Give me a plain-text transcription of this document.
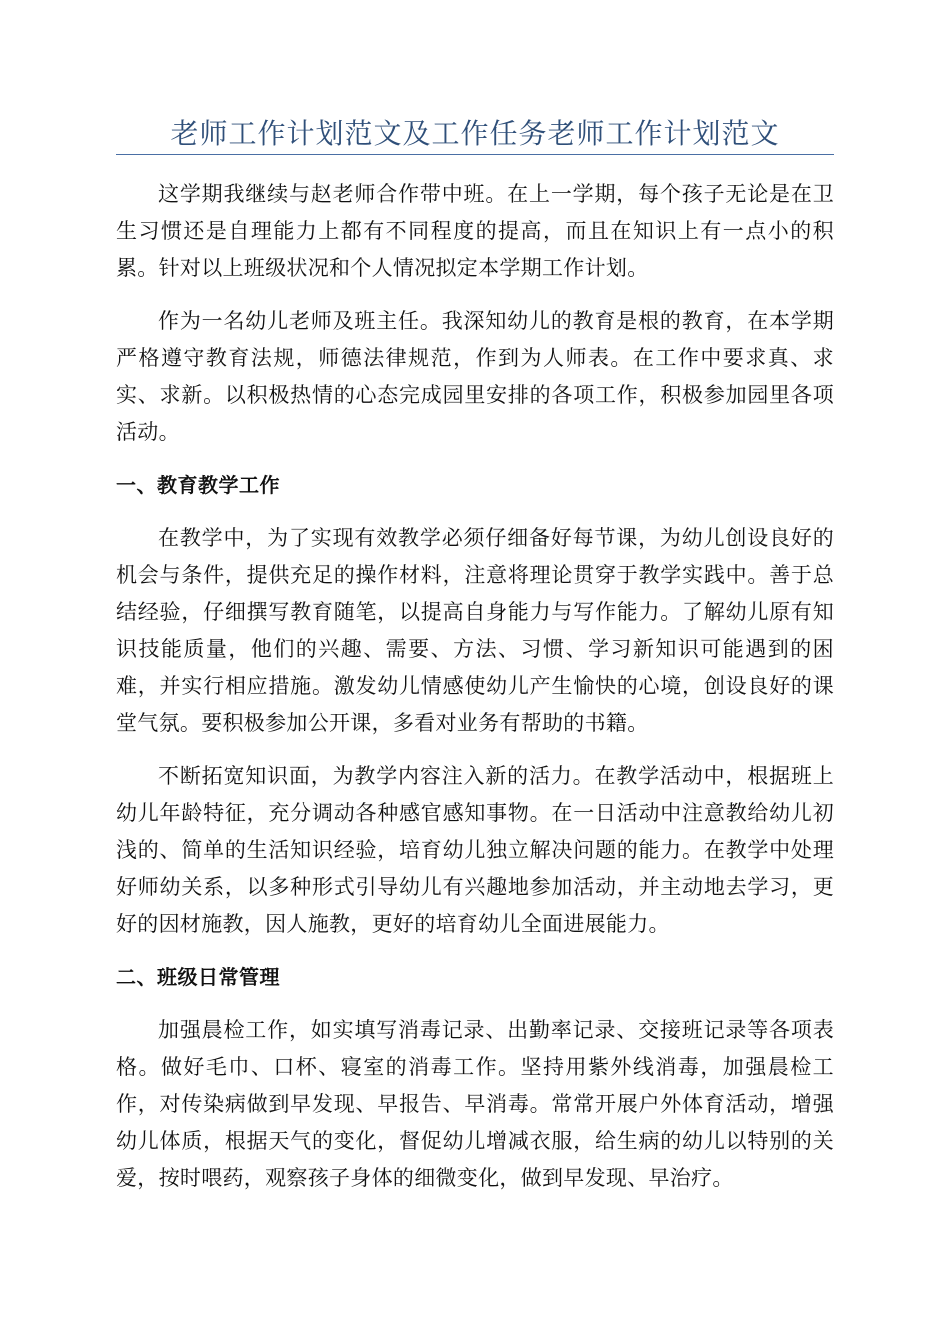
老师工作计划范文及工作任务老师工作计划范文

这学期我继续与赵老师合作带中班。在上一学期，每个孩子无论是在卫生习惯还是自理能力上都有不同程度的提高，而且在知识上有一点小的积累。针对以上班级状况和个人情况拟定本学期工作计划。

作为一名幼儿老师及班主任。我深知幼儿的教育是根的教育，在本学期严格遵守教育法规，师德法律规范，作到为人师表。在工作中要求真、求实、求新。以积极热情的心态完成园里安排的各项工作，积极参加园里各项活动。

一、教育教学工作

在教学中，为了实现有效教学必须仔细备好每节课，为幼儿创设良好的机会与条件，提供充足的操作材料，注意将理论贯穿于教学实践中。善于总结经验，仔细撰写教育随笔，以提高自身能力与写作能力。了解幼儿原有知识技能质量，他们的兴趣、需要、方法、习惯、学习新知识可能遇到的困难，并实行相应措施。激发幼儿情感使幼儿产生愉快的心境，创设良好的课堂气氛。要积极参加公开课，多看对业务有帮助的书籍。

不断拓宽知识面，为教学内容注入新的活力。在教学活动中，根据班上幼儿年龄特征，充分调动各种感官感知事物。在一日活动中注意教给幼儿初浅的、简单的生活知识经验，培育幼儿独立解决问题的能力。在教学中处理好师幼关系，以多种形式引导幼儿有兴趣地参加活动，并主动地去学习，更好的因材施教，因人施教，更好的培育幼儿全面进展能力。

二、班级日常管理

加强晨检工作，如实填写消毒记录、出勤率记录、交接班记录等各项表格。做好毛巾、口杯、寝室的消毒工作。坚持用紫外线消毒，加强晨检工作，对传染病做到早发现、早报告、早消毒。常常开展户外体育活动，增强幼儿体质，根据天气的变化，督促幼儿增减衣服，给生病的幼儿以特别的关爱，按时喂药，观察孩子身体的细微变化，做到早发现、早治疗。
